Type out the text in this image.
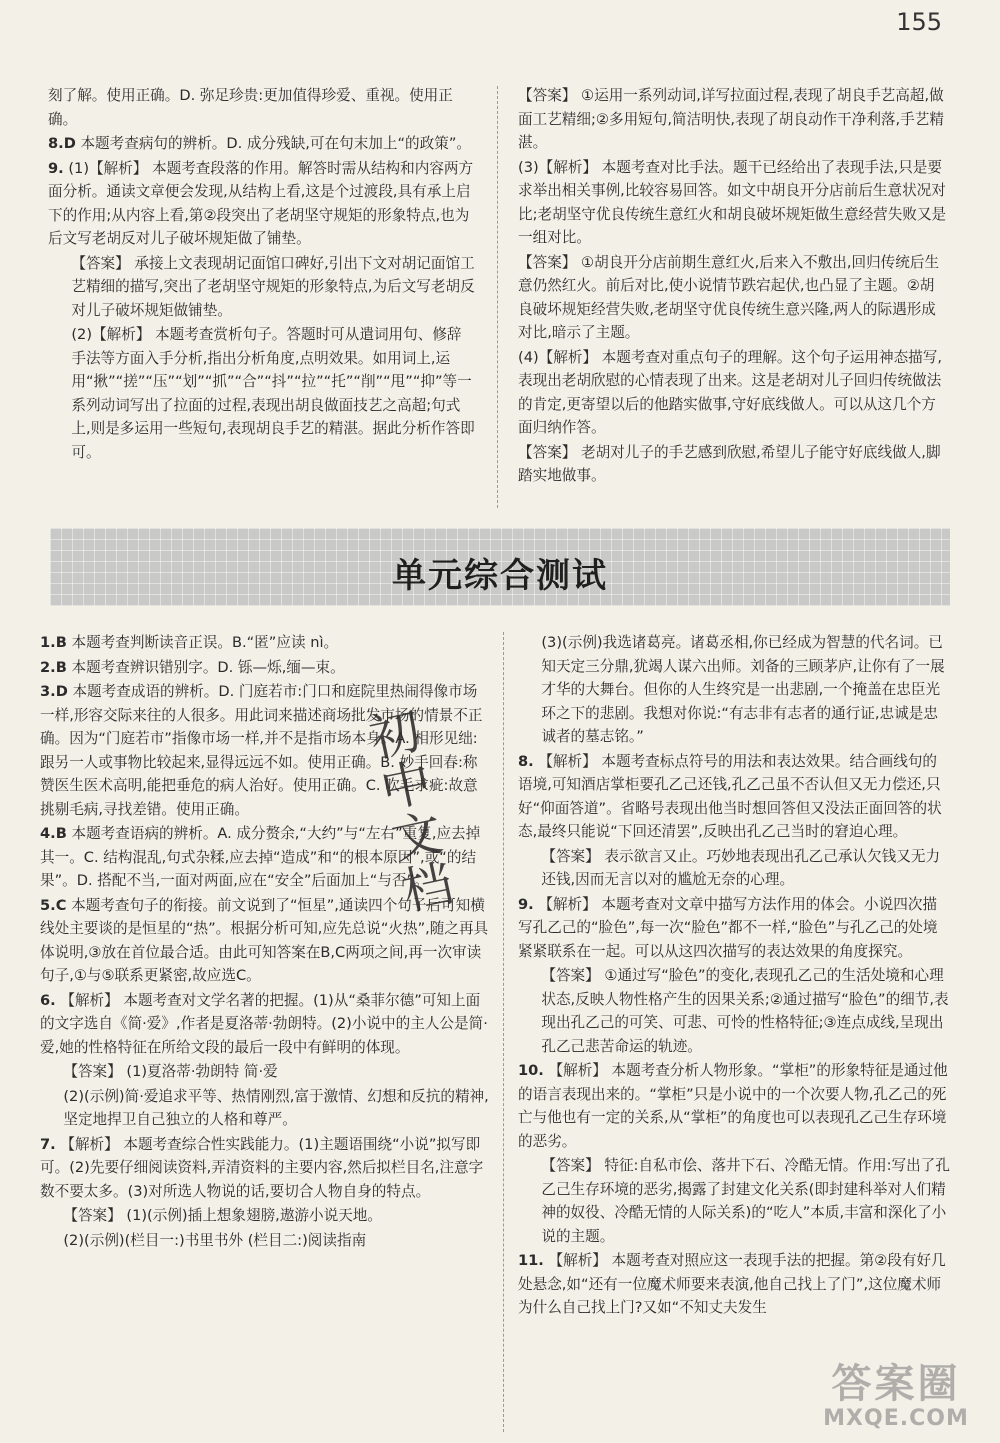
155
刻了解。使用正确。D. 弥足珍贵:更加值得珍爱、重视。使用正确。
8.D 本题考查病句的辨析。D. 成分残缺,可在句末加上“的政策”。
9. (1)【解析】 本题考查段落的作用。解答时需从结构和内容两方面分析。通读文章便会发现,从结构上看,这是个过渡段,具有承上启下的作用;从内容上看,第②段突出了老胡坚守规矩的形象特点,也为后文写老胡反对儿子破坏规矩做了铺垫。
【答案】 承接上文表现胡记面馆口碑好,引出下文对胡记面馆工艺精细的描写,突出了老胡坚守规矩的形象特点,为后文写老胡反对儿子破坏规矩做铺垫。
(2)【解析】 本题考查赏析句子。答题时可从遣词用句、修辞手法等方面入手分析,指出分析角度,点明效果。如用词上,运用“揪”“搓”“压”“划”“抓”“合”“抖”“拉”“托”“削”“甩”“抑”等一系列动词写出了拉面的过程,表现出胡良做面技艺之高超;句式上,则是多运用一些短句,表现胡良手艺的精湛。据此分析作答即可。
【答案】 ①运用一系列动词,详写拉面过程,表现了胡良手艺高超,做面工艺精细;②多用短句,简洁明快,表现了胡良动作干净利落,手艺精湛。
(3)【解析】 本题考查对比手法。题干已经给出了表现手法,只是要求举出相关事例,比较容易回答。如文中胡良开分店前后生意状况对比;老胡坚守优良传统生意红火和胡良破坏规矩做生意经营失败又是一组对比。
【答案】 ①胡良开分店前期生意红火,后来入不敷出,回归传统后生意仍然红火。前后对比,使小说情节跌宕起伏,也凸显了主题。②胡良破坏规矩经营失败,老胡坚守优良传统生意兴隆,两人的际遇形成对比,暗示了主题。
(4)【解析】 本题考查对重点句子的理解。这个句子运用神态描写,表现出老胡欣慰的心情表现了出来。这是老胡对儿子回归传统做法的肯定,更寄望以后的他踏实做事,守好底线做人。可以从这几个方面归纳作答。
【答案】 老胡对儿子的手艺感到欣慰,希望儿子能守好底线做人,脚踏实地做事。
单元综合测试
1.B 本题考查判断读音正误。B.“匿”应读 nì。
2.B 本题考查辨识错别字。D. 铄—烁,缅—束。
3.D 本题考查成语的辨析。D. 门庭若市:门口和庭院里热闹得像市场一样,形容交际来往的人很多。用此词来描述商场批发市场的情景不正确。因为“门庭若市”指像市场一样,并不是指市场本身。A. 相形见绌:跟另一人或事物比较起来,显得远远不如。使用正确。B. 妙手回春:称赞医生医术高明,能把垂危的病人治好。使用正确。C. 吹毛求疵:故意挑剔毛病,寻找差错。使用正确。
4.B 本题考查语病的辨析。A. 成分赘余,“大约”与“左右”重复,应去掉其一。C. 结构混乱,句式杂糅,应去掉“造成”和“的根本原因”,或“的结果”。D. 搭配不当,一面对两面,应在“安全”后面加上“与否”。
5.C 本题考查句子的衔接。前文说到了“恒星”,通读四个句子后可知横线处主要谈的是恒星的“热”。根据分析可知,应先总说“火热”,随之再具体说明,③放在首位最合适。由此可知答案在B,C两项之间,再一次审读句子,①与⑤联系更紧密,故应选C。
6. 【解析】 本题考查对文学名著的把握。(1)从“桑菲尔德”可知上面的文字选自《简·爱》,作者是夏洛蒂·勃朗特。(2)小说中的主人公是简·爱,她的性格特征在所给文段的最后一段中有鲜明的体现。
【答案】 (1)夏洛蒂·勃朗特 简·爱
(2)(示例)简·爱追求平等、热情刚烈,富于激情、幻想和反抗的精神,坚定地捍卫自己独立的人格和尊严。
7. 【解析】 本题考查综合性实践能力。(1)主题语围绕“小说”拟写即可。(2)先要仔细阅读资料,弄清资料的主要内容,然后拟栏目名,注意字数不要太多。(3)对所选人物说的话,要切合人物自身的特点。
【答案】 (1)(示例)插上想象翅膀,遨游小说天地。
(2)(示例)(栏目一:)书里书外 (栏目二:)阅读指南
(3)(示例)我选诸葛亮。诸葛丞相,你已经成为智慧的代名词。已知天定三分鼎,犹竭人谋六出师。刘备的三顾茅庐,让你有了一展才华的大舞台。但你的人生终究是一出悲剧,一个掩盖在忠臣光环之下的悲剧。我想对你说:“有志非有志者的通行证,忠诚是忠诚者的墓志铭。”
8. 【解析】 本题考查标点符号的用法和表达效果。结合画线句的语境,可知酒店掌柜要孔乙己还钱,孔乙己虽不否认但又无力偿还,只好“仰面答道”。省略号表现出他当时想回答但又没法正面回答的状态,最终只能说“下回还清罢”,反映出孔乙己当时的窘迫心理。
【答案】 表示欲言又止。巧妙地表现出孔乙己承认欠钱又无力还钱,因而无言以对的尴尬无奈的心理。
9. 【解析】 本题考查对文章中描写方法作用的体会。小说四次描写孔乙己的“脸色”,每一次“脸色”都不一样,“脸色”与孔乙己的处境紧紧联系在一起。可以从这四次描写的表达效果的角度探究。
【答案】 ①通过写“脸色”的变化,表现孔乙己的生活处境和心理状态,反映人物性格产生的因果关系;②通过描写“脸色”的细节,表现出孔乙己的可笑、可悲、可怜的性格特征;③连点成线,呈现出孔乙己悲苦命运的轨迹。
10. 【解析】 本题考查分析人物形象。“掌柜”的形象特征是通过他的语言表现出来的。“掌柜”只是小说中的一个次要人物,孔乙己的死亡与他也有一定的关系,从“掌柜”的角度也可以表现孔乙己生存环境的恶劣。
【答案】 特征:自私市侩、落井下石、冷酷无情。作用:写出了孔乙己生存环境的恶劣,揭露了封建文化关系(即封建科举对人们精神的奴役、冷酷无情的人际关系)的“吃人”本质,丰富和深化了小说的主题。
11. 【解析】 本题考查对照应这一表现手法的把握。第②段有好几处悬念,如“还有一位魔术师要来表演,他自己找上了门”,这位魔术师为什么自己找上门?又如“不知丈夫发生
初
中
文
档
答案圈
MXQE.COM
